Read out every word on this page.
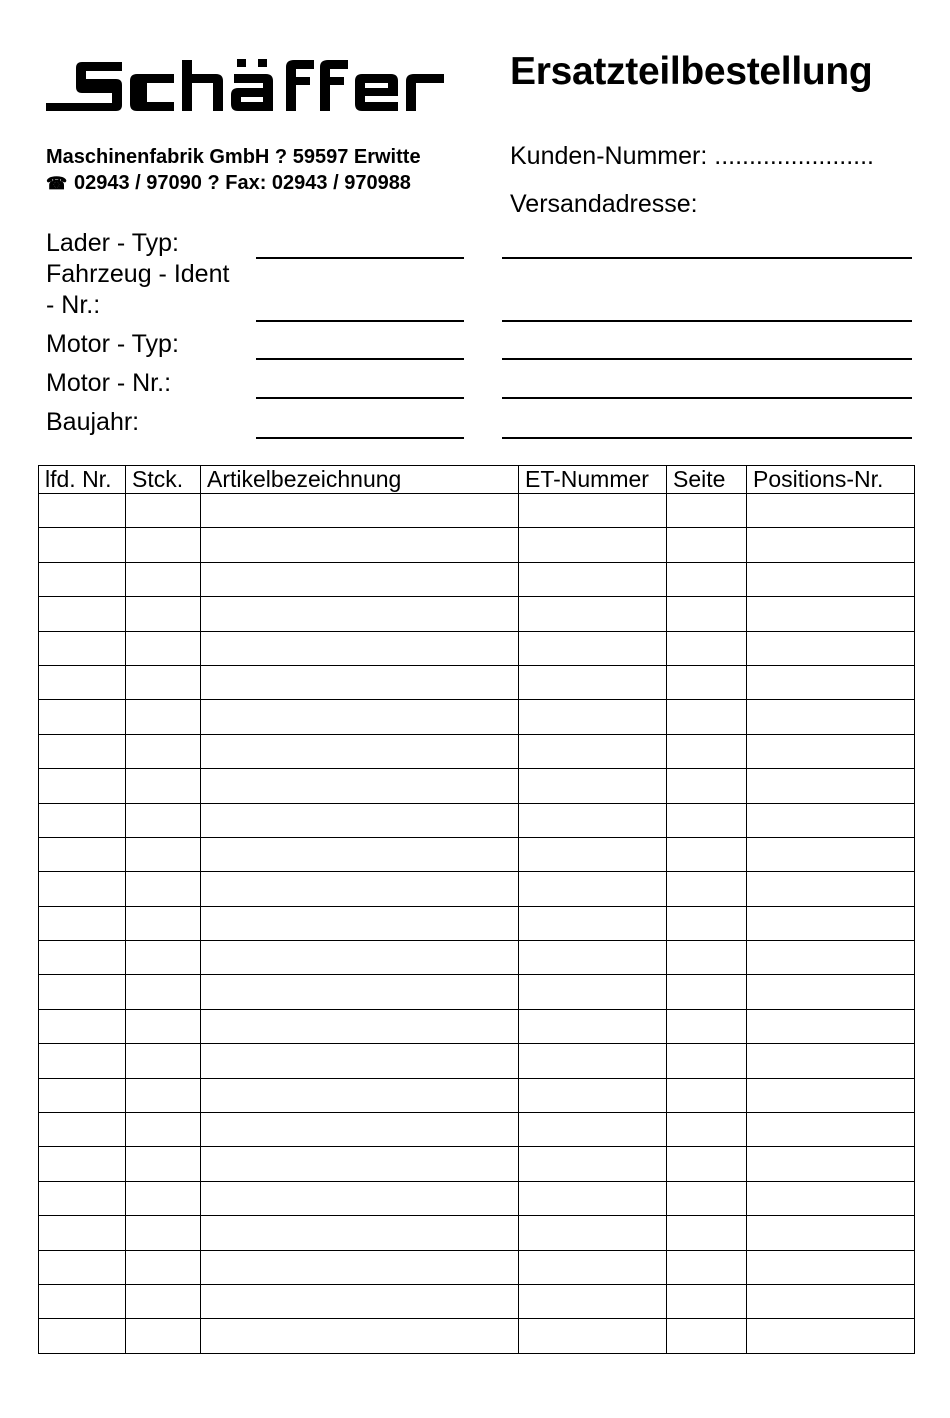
Ersatzteilbestellung
Maschinenfabrik GmbH ? 59597 Erwitte
☎ 02943 / 97090 ? Fax: 02943 / 970988
Kunden-Nummer: .......................
Versandadresse:
Lader - Typ:
Fahrzeug - Ident
- Nr.:
Motor - Typ:
Motor - Nr.:
Baujahr:
lfd. Nr.	Stck.	Artikelbezeichnung	ET-Nummer	Seite	Positions-Nr.
